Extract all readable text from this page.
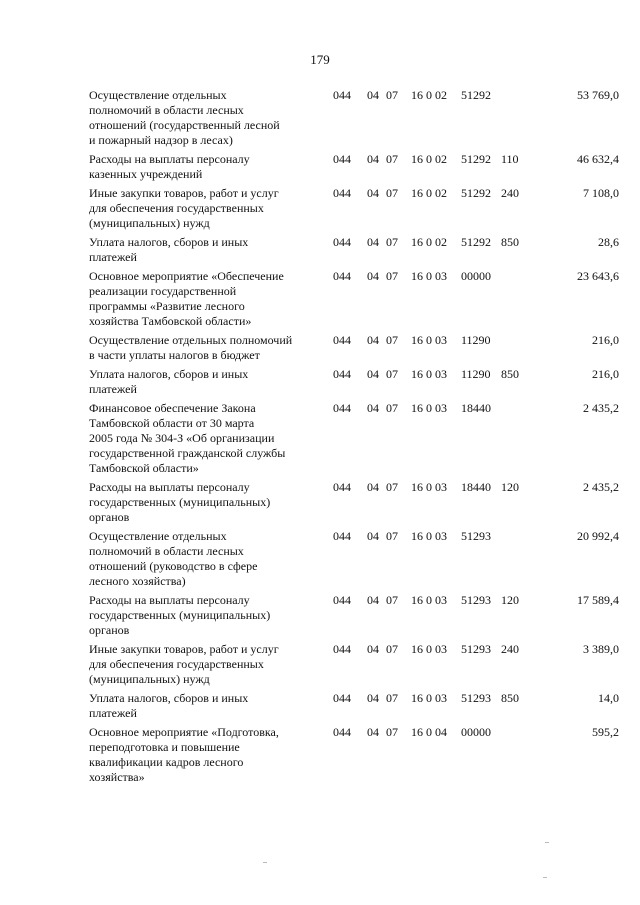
179
Осуществление отдельных
полномочий в области лесных
отношений (государственный лесной
и пожарный надзор в лесах)
044 04 07 16 0 02 51292	53 769,0
Расходы на выплаты персоналу
казенных учреждений
044 04 07 16 0 02 51292 110	46 632,4
Иные закупки товаров, работ и услуг
для обеспечения государственных
(муниципальных) нужд
044 04 07 16 0 02 51292 240	7 108,0
Уплата налогов, сборов и иных
платежей
044 04 07 16 0 02 51292 850	28,6
Основное мероприятие «Обеспечение
реализации государственной
программы «Развитие лесного
хозяйства Тамбовской области»
044 04 07 16 0 03 00000	23 643,6
Осуществление отдельных полномочий
в части уплаты налогов в бюджет
044 04 07 16 0 03 11290	216,0
Уплата налогов, сборов и иных
платежей
044 04 07 16 0 03 11290 850	216,0
Финансовое обеспечение Закона
Тамбовской области от 30 марта
2005 года № 304-З «Об организации
государственной гражданской службы
Тамбовской области»
044 04 07 16 0 03 18440	2 435,2
Расходы на выплаты персоналу
государственных (муниципальных)
органов
044 04 07 16 0 03 18440 120	2 435,2
Осуществление отдельных
полномочий в области лесных
отношений (руководство в сфере
лесного хозяйства)
044 04 07 16 0 03 51293	20 992,4
Расходы на выплаты персоналу
государственных (муниципальных)
органов
044 04 07 16 0 03 51293 120	17 589,4
Иные закупки товаров, работ и услуг
для обеспечения государственных
(муниципальных) нужд
044 04 07 16 0 03 51293 240	3 389,0
Уплата налогов, сборов и иных
платежей
044 04 07 16 0 03 51293 850	14,0
Основное мероприятие «Подготовка,
переподготовка и повышение
квалификации кадров лесного
хозяйства»
044 04 07 16 0 04 00000	595,2
